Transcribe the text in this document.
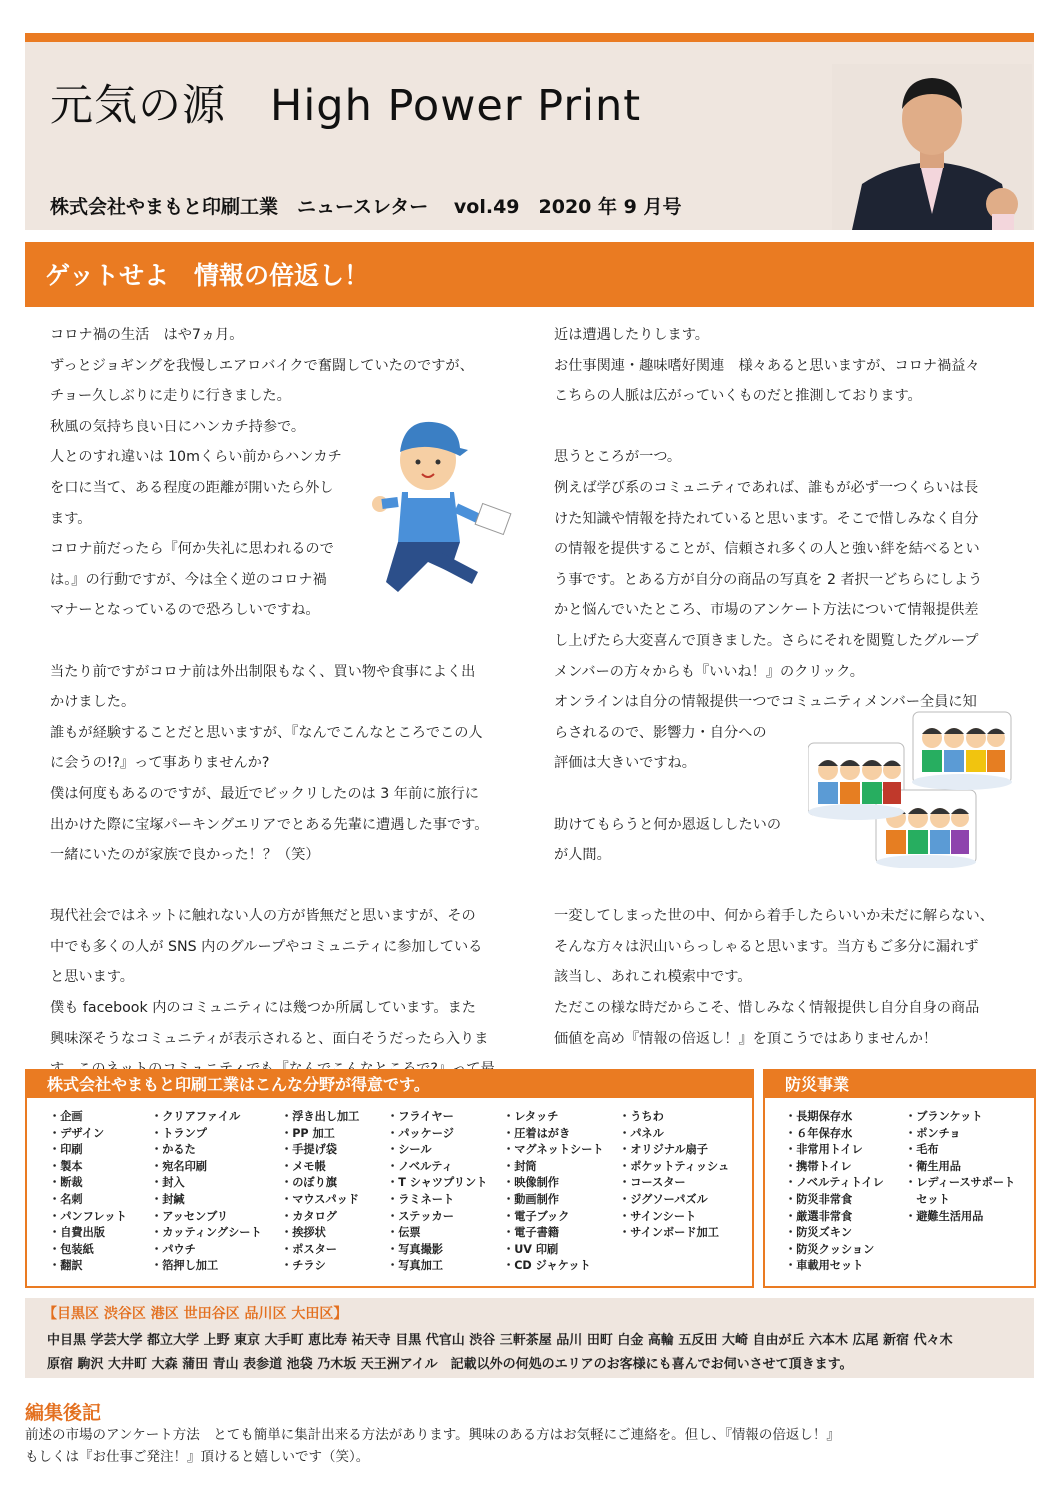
元気の源　High Power Print
株式会社やまもと印刷工業　ニュースレター　 vol.49　2020 年 9 月号
ゲットせよ　情報の倍返し！

コロナ禍の生活　はや7ヵ月。

ずっとジョギングを我慢しエアロバイクで奮闘していたのですが、

チョー久しぶりに走りに行きました。

秋風の気持ち良い日にハンカチ持参で。

人とのすれ違いは 10mくらい前からハンカチ

を口に当て、ある程度の距離が開いたら外し

ます。

コロナ前だったら『何か失礼に思われるので

は。』の行動ですが、今は全く逆のコロナ禍

マナーとなっているので恐ろしいですね。

当たり前ですがコロナ前は外出制限もなく、買い物や食事によく出

かけました。

誰もが経験することだと思いますが、『なんでこんなところでこの人

に会うの!?』って事ありませんか?

僕は何度もあるのですが、最近でビックリしたのは 3 年前に旅行に

出かけた際に宝塚パーキングエリアでとある先輩に遭遇した事です。

一緒にいたのが家族で良かった！？（笑）

現代社会ではネットに触れない人の方が皆無だと思いますが、その

中でも多くの人が SNS 内のグループやコミュニティに参加している

と思います。

僕も facebook 内のコミュニティには幾つか所属しています。また

興味深そうなコミュニティが表示されると、面白そうだったら入りま

近は遭遇したりします。

お仕事関連・趣味嗜好関連　様々あると思いますが、コロナ禍益々

こちらの人脈は広がっていくものだと推測しております。

思うところが一つ。

例えば学び系のコミュニティであれば、誰もが必ず一つくらいは長

けた知識や情報を持たれていると思います。そこで惜しみなく自分

の情報を提供することが、信頼され多くの人と強い絆を結べるとい

う事です。とある方が自分の商品の写真を 2 者択一どちらにしよう

かと悩んでいたところ、市場のアンケート方法について情報提供差

し上げたら大変喜んで頂きました。さらにそれを閲覧したグループ

メンバーの方々からも『いいね！』のクリック。

オンラインは自分の情報提供一つでコミュニティメンバー全員に知

らされるので、影響力・自分への

評価は大きいですね。

助けてもらうと何か恩返ししたいの

が人間。

一変してしまった世の中、何から着手したらいいか未だに解らない、

そんな方々は沢山いらっしゃると思います。当方もご多分に漏れず

該当し、あれこれ模索中です。

ただこの様な時だからこそ、惜しみなく情報提供し自分自身の商品

価値を高め『情報の倍返し！』を頂こうではありませんか！

株式会社やまもと印刷工業はこんな分野が得意です。
・企画
・デザイン
・印刷
・製本
・断裁
・名刺
・パンフレット
・自費出版
・包装紙
・翻訳
・クリアファイル
・トランプ
・かるた
・宛名印刷
・封入
・封緘
・アッセンブリ
・カッティングシート
・パウチ
・箔押し加工
・浮き出し加工
・PP 加工
・手提げ袋
・メモ帳
・のぼり旗
・マウスパッド
・カタログ
・挨拶状
・ポスター
・チラシ
・フライヤー
・パッケージ
・シール
・ノベルティ
・T シャツプリント
・ラミネート
・ステッカー
・伝票
・写真撮影
・写真加工
・レタッチ
・圧着はがき
・マグネットシート
・封筒
・映像制作
・動画制作
・電子ブック
・電子書籍
・UV 印刷
・CD ジャケット
・うちわ
・パネル
・オリジナル扇子
・ポケットティッシュ
・コースター
・ジグソーパズル
・サインシート
・サインボード加工
防災事業
・長期保存水
・６年保存水
・非常用トイレ
・携帯トイレ
・ノベルティトイレ
・防災非常食
・厳選非常食
・防災ズキン
・防災クッション
・車載用セット
・ブランケット
・ポンチョ
・毛布
・衛生用品
・レディースサポート
　セット
・避難生活用品
【目黒区 渋谷区 港区 世田谷区 品川区 大田区】
中目黒 学芸大学 都立大学 上野 東京 大手町 恵比寿 祐天寺 目黒 代官山 渋谷 三軒茶屋 品川 田町 白金 高輪 五反田 大崎 自由が丘 六本木 広尾 新宿 代々木
原宿 駒沢 大井町 大森 蒲田 青山 表参道 池袋 乃木坂 天王洲アイル　記載以外の何処のエリアのお客様にも喜んでお伺いさせて頂きます。
編集後記

前述の市場のアンケート方法　とても簡単に集計出来る方法があります。興味のある方はお気軽にご連絡を。但し、『情報の倍返し！』

もしくは『お仕事ご発注！』頂けると嬉しいです（笑）。
